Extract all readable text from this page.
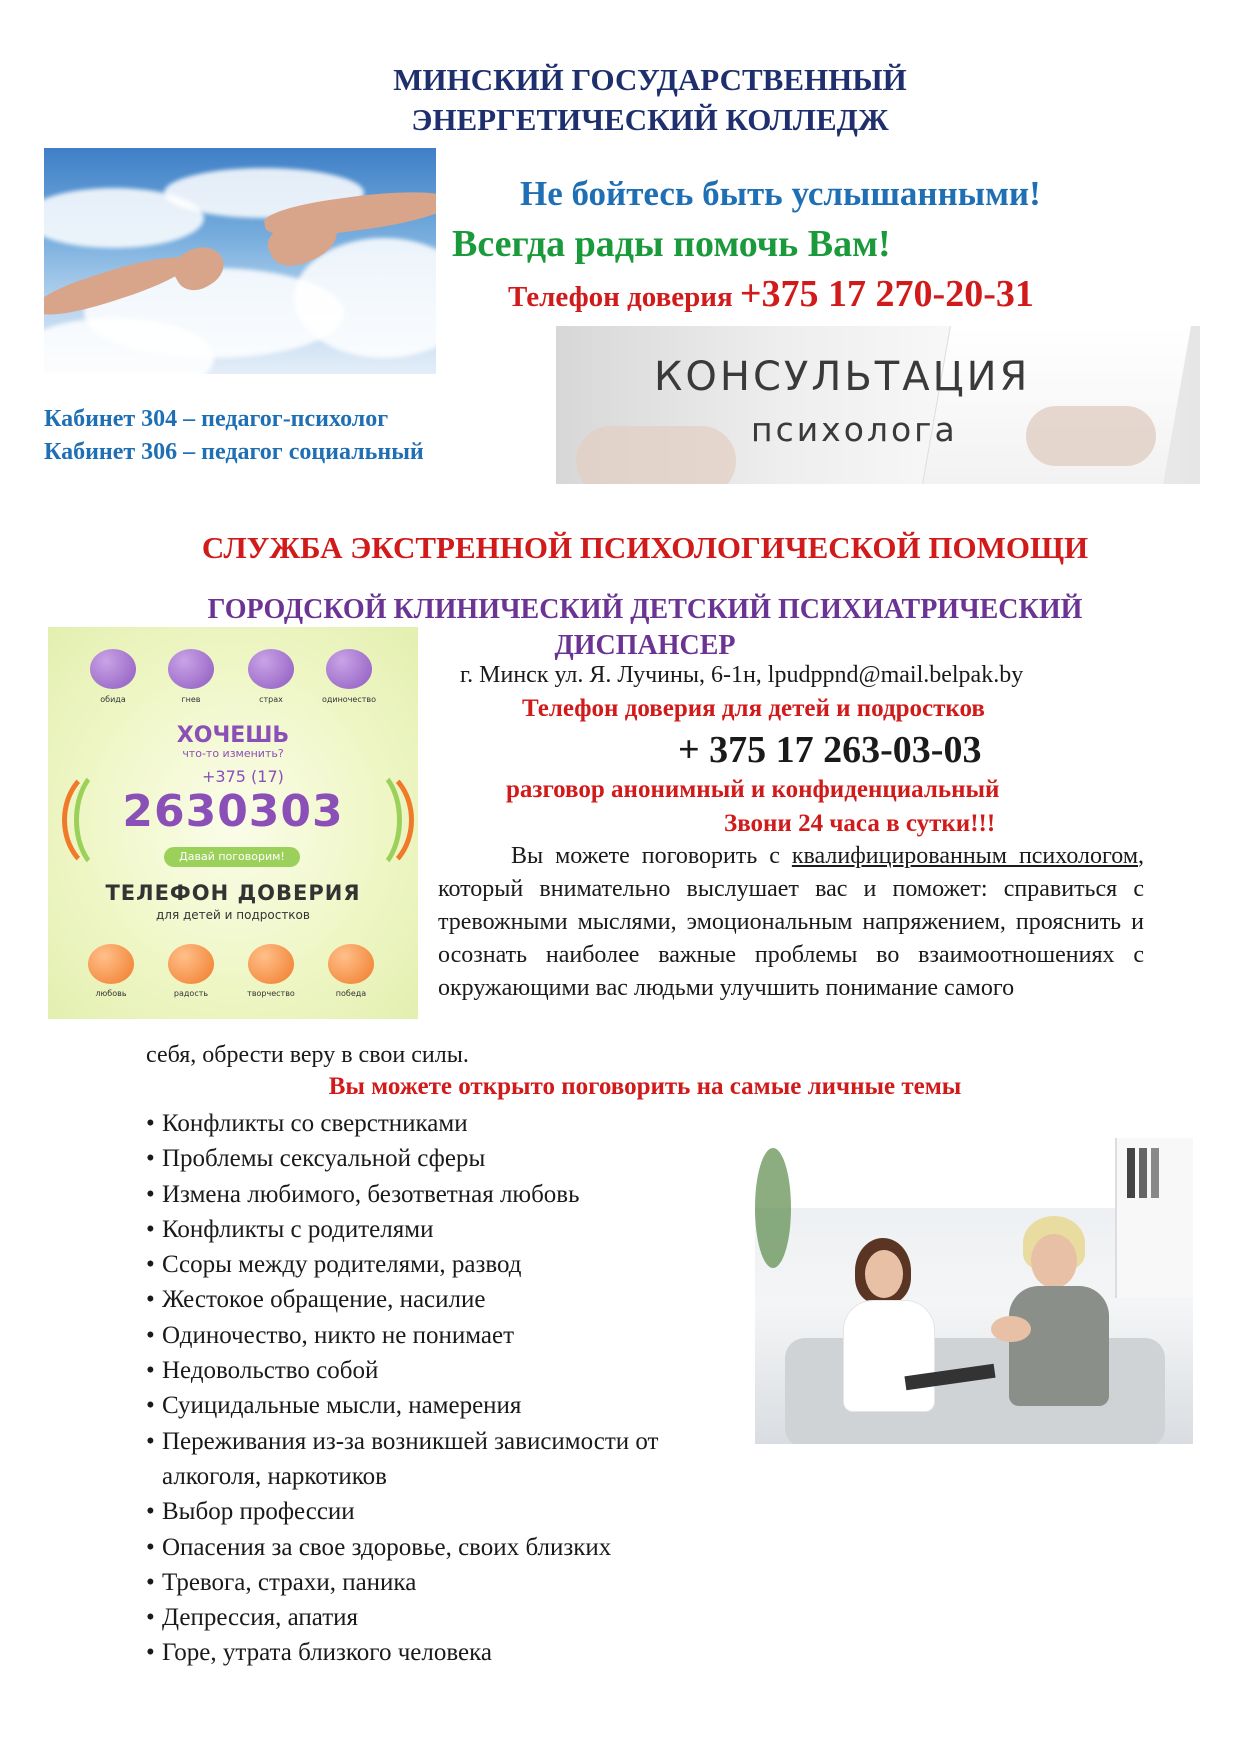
МИНСКИЙ ГОСУДАРСТВЕННЫЙ
ЭНЕРГЕТИЧЕСКИЙ КОЛЛЕДЖ
Не бойтесь быть услышанными!
Всегда рады помочь Вам!
Телефон доверия +375 17 270-20-31
КОНСУЛЬТАЦИЯ
психолога
Кабинет 304 – педагог-психолог
Кабинет 306 – педагог социальный
СЛУЖБА ЭКСТРЕННОЙ ПСИХОЛОГИЧЕСКОЙ ПОМОЩИ
ГОРОДСКОЙ КЛИНИЧЕСКИЙ ДЕТСКИЙ ПСИХИАТРИЧЕСКИЙ
ДИСПАНСЕР
обида	гнев	страх	одиночество
ХОЧЕШЬ
что-то изменить?
+375 (17)
2630303
Давай поговорим!
ТЕЛЕФОН ДОВЕРИЯ
для детей и подростков
любовь	радость	творчество	победа
г. Минск ул. Я. Лучины, 6-1н, lpudppnd@mail.belpak.by
Телефон доверия для детей и подростков
+ 375 17 263-03-03
разговор анонимный и конфиденциальный
Звони 24 часа в сутки!!!
Вы можете поговорить с квалифицированным психологом, который внимательно выслушает вас и поможет: справиться с тревожными мыслями, эмоциональным напряжением, прояснить и осознать наиболее важные проблемы во взаимоотношениях с окружающими вас людьми улучшить понимание самого
себя, обрести веру в свои силы.
Вы можете открыто поговорить на самые личные темы
• Конфликты со сверстниками
• Проблемы сексуальной сферы
• Измена любимого, безответная любовь
• Конфликты с родителями
• Ссоры между родителями, развод
• Жестокое обращение, насилие
• Одиночество, никто не понимает
• Недовольство собой
• Суицидальные мысли, намерения
• Переживания из-за возникшей зависимости от алкоголя, наркотиков
• Выбор профессии
• Опасения за свое здоровье, своих близких
• Тревога, страхи, паника
• Депрессия, апатия
• Горе, утрата близкого человека
